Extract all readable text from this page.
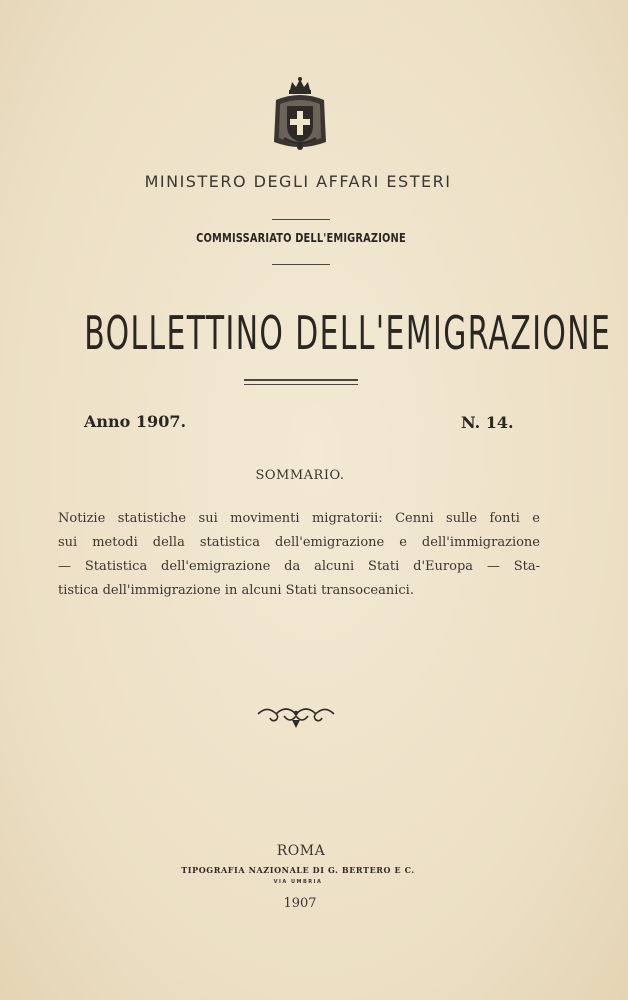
MINISTERO DEGLI AFFARI ESTERI
COMMISSARIATO DELL'EMIGRAZIONE
BOLLETTINO DELL'EMIGRAZIONE
Anno 1907.	N. 14.
SOMMARIO.
Notizie statistiche sui movimenti migratorii: Cenni sulle fonti e
sui metodi della statistica dell'emigrazione e dell'immigrazione
— Statistica dell'emigrazione da alcuni Stati d'Europa — Sta-
tistica dell'immigrazione in alcuni Stati transoceanici.
ROMA
TIPOGRAFIA NAZIONALE DI G. BERTERO E C.
VIA UMBRIA
1907
